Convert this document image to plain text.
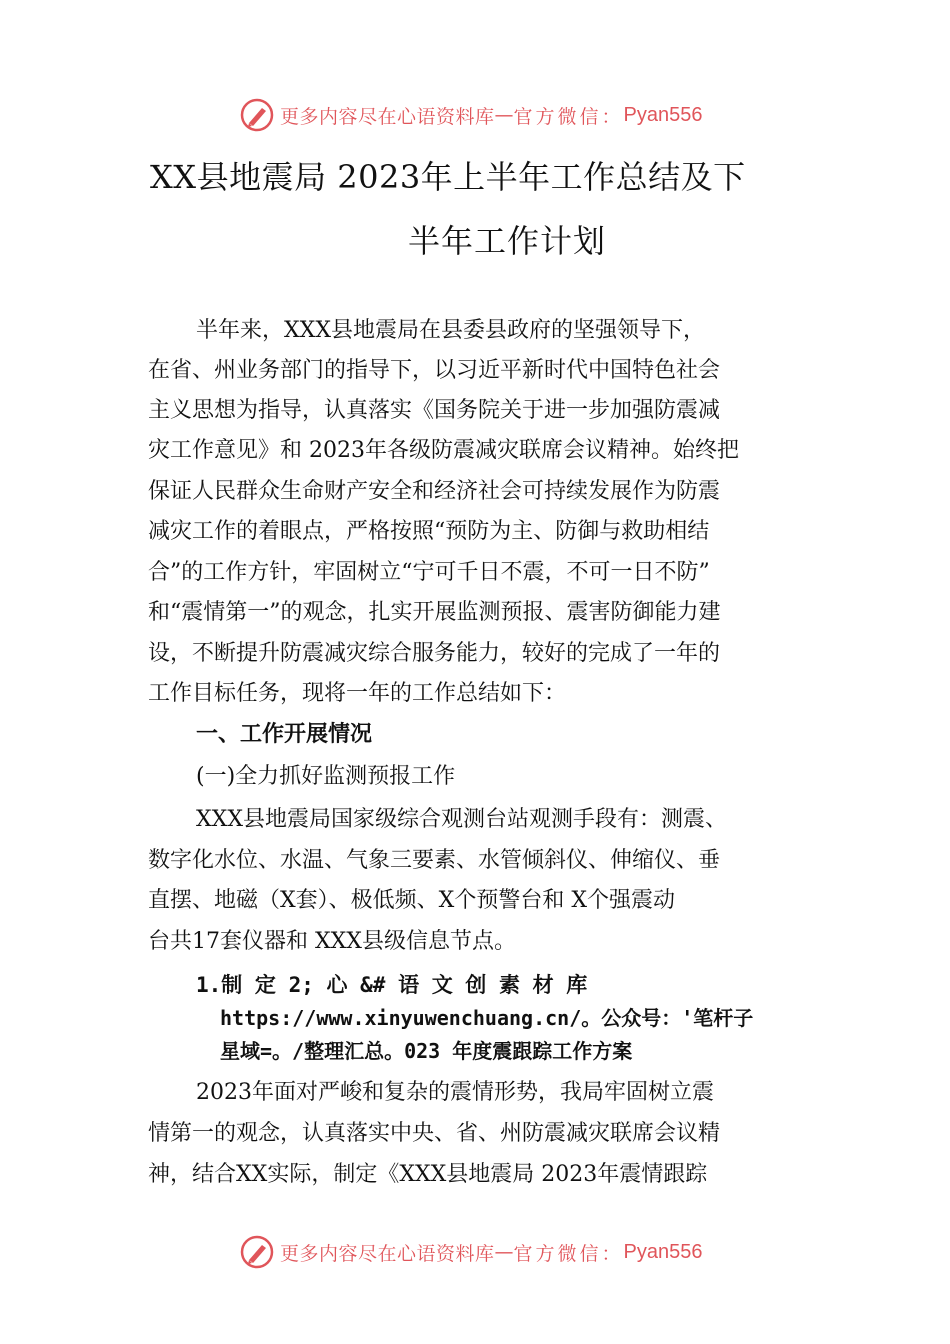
更多内容尽在心语资料库 — 官方微信： Pyan556
XX县地震局 2023年上半年工作总结及下
半年工作计划
半年来，XXX县地震局在县委县政府的坚强领导下，
在省、州业务部门的指导下，以习近平新时代中国特色社会
主义思想为指导，认真落实《国务院关于进一步加强防震减
灾工作意见》和 2023年各级防震减灾联席会议精神。始终把
保证人民群众生命财产安全和经济社会可持续发展作为防震
减灾工作的着眼点，严格按照“预防为主、防御与救助相结
合”的工作方针，牢固树立“宁可千日不震，不可一日不防”
和“震情第一”的观念，扎实开展监测预报、震害防御能力建
设，不断提升防震减灾综合服务能力，较好的完成了一年的
工作目标任务，现将一年的工作总结如下：
一、工作开展情况
(一)全力抓好监测预报工作
XXX县地震局国家级综合观测台站观测手段有：测震、
数字化水位、水温、气象三要素、水管倾斜仪、伸缩仪、垂
直摆、地磁（X套）、极低频、X个预警台和 X个强震动
台共17套仪器和 XXX县级信息节点。
1.制 定 2; 心 &# 语 文 创 素 材 库
https://www.xinyuwenchuang.cn/。公众号：'笔杆子
星域=。/整理汇总。023 年度震跟踪工作方案
2023年面对严峻和复杂的震情形势，我局牢固树立震
情第一的观念，认真落实中央、省、州防震减灾联席会议精
神，结合XX实际，制定《XXX县地震局 2023年震情跟踪
更多内容尽在心语资料库 — 官方微信： Pyan556
